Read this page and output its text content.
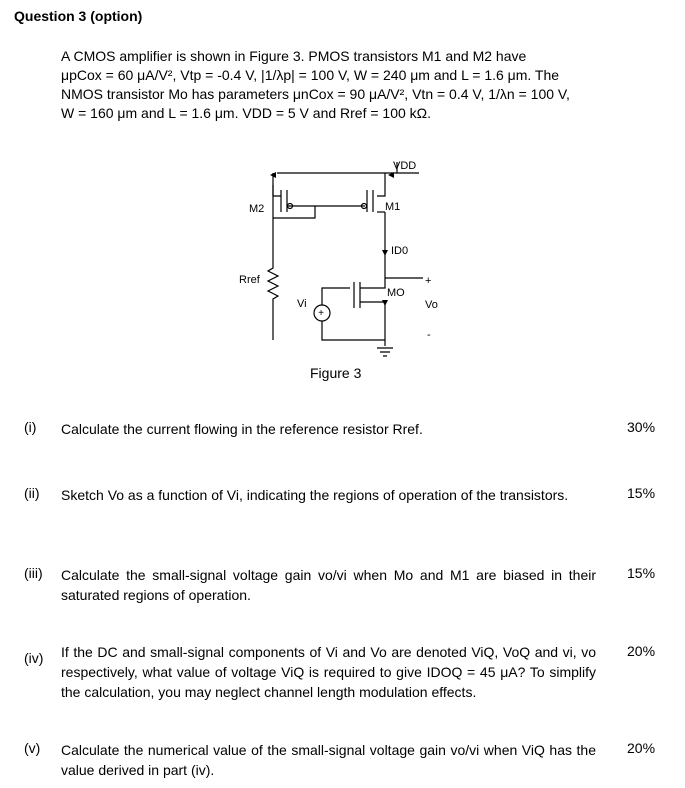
Question 3 (option)

A CMOS amplifier is shown in Figure 3. PMOS transistors M1 and M2 have

μpCox = 60 μA/V², Vtp = -0.4 V, |1/λp| = 100 V, W = 240 μm and L = 1.6 μm. The

NMOS transistor Mo has parameters μnCox = 90 μA/V², Vtn = 0.4 V, 1/λn = 100 V,

W = 160 μm and L = 1.6 μm. VDD = 5 V and Rref = 100 kΩ.

+
VDD
M2	M1
ID0
MO
Rref
Vi
+
Vo
-
Figure 3
(i) Calculate the current flowing in the reference resistor Rref.	30%
(ii) Sketch Vo as a function of Vi, indicating the regions of operation of the transistors.	15%
(iii) Calculate the small-signal voltage gain vo/vi when Mo and M1 are biased in their saturated regions of operation.
15%
(iv) If the DC and small-signal components of Vi and Vo are denoted ViQ, VoQ and vi, vo respectively, what value of voltage ViQ is required to give IDOQ = 45 μA? To simplify the calculation, you may neglect channel length modulation effects.
20%
(v) Calculate the numerical value of the small-signal voltage gain vo/vi when ViQ has the value derived in part (iv).
20%
